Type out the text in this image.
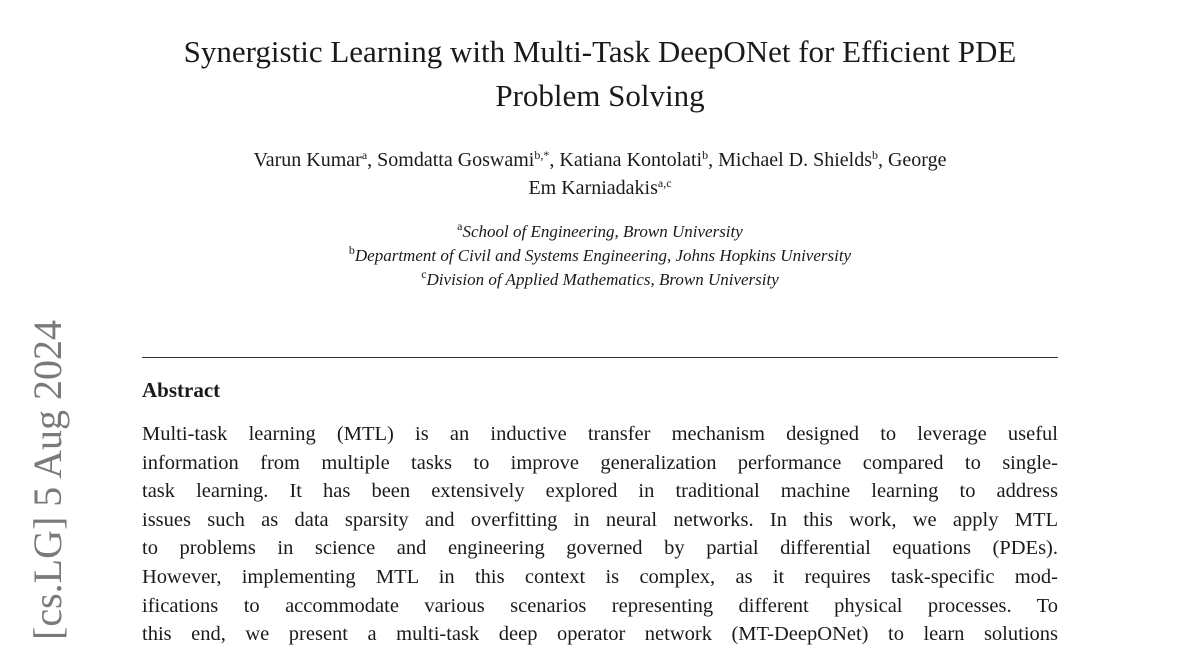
Synergistic Learning with Multi-Task DeepONet for Efficient PDE
Problem Solving
Varun Kumar$^a$, Somdatta Goswami$^{b,*}$, Katiana Kontolati$^b$, Michael D. Shields$^b$, George
Em Karniadakis$^{a,c}$
$^a$School of Engineering, Brown University
$^b$Department of Civil and Systems Engineering, Johns Hopkins University
$^c$Division of Applied Mathematics, Brown University
Abstract
Multi-task learning (MTL) is an inductive transfer mechanism designed to leverage useful
information from multiple tasks to improve generalization performance compared to single-
task learning. It has been extensively explored in traditional machine learning to address
issues such as data sparsity and overfitting in neural networks. In this work, we apply MTL
to problems in science and engineering governed by partial differential equations (PDEs).
However, implementing MTL in this context is complex, as it requires task-specific mod-
ifications to accommodate various scenarios representing different physical processes. To
this end, we present a multi-task deep operator network (MT-DeepONet) to learn solutions
[cs.LG] 5 Aug 2024
